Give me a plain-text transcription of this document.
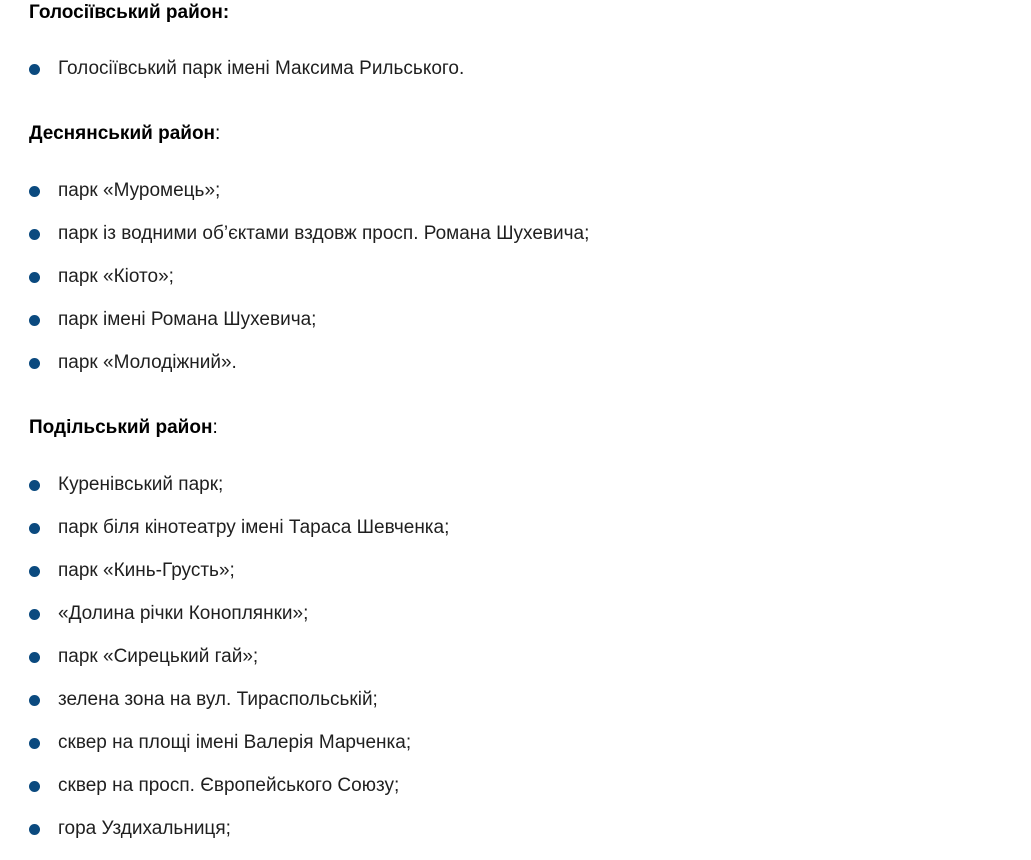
Голосіївський район:
Голосіївський парк імені Максима Рильського.
Деснянський район:
парк «Муромець»;
парк із водними об’єктами вздовж просп. Романа Шухевича;
парк «Кіото»;
парк імені Романа Шухевича;
парк «Молодіжний».
Подільський район:
Куренівський парк;
парк біля кінотеатру імені Тараса Шевченка;
парк «Кинь-Грусть»;
«Долина річки Коноплянки»;
парк «Сирецький гай»;
зелена зона на вул. Тираспольській;
сквер на площі імені Валерія Марченка;
сквер на просп. Європейського Союзу;
гора Уздихальниця;
